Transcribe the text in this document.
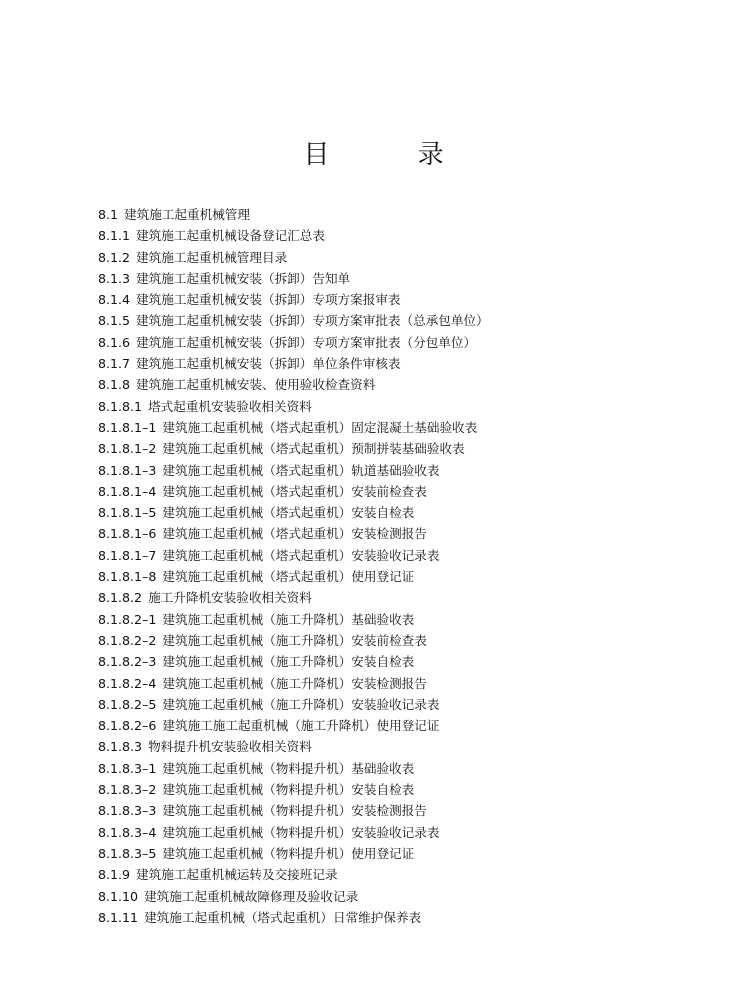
目 录
8.1 建筑施工起重机械管理
8.1.1 建筑施工起重机械设备登记汇总表
8.1.2 建筑施工起重机械管理目录
8.1.3 建筑施工起重机械安装（拆卸）告知单
8.1.4 建筑施工起重机械安装（拆卸）专项方案报审表
8.1.5 建筑施工起重机械安装（拆卸）专项方案审批表（总承包单位）
8.1.6 建筑施工起重机械安装（拆卸）专项方案审批表（分包单位）
8.1.7 建筑施工起重机械安装（拆卸）单位条件审核表
8.1.8 建筑施工起重机械安装、使用验收检查资料
8.1.8.1 塔式起重机安装验收相关资料
8.1.8.1–1 建筑施工起重机械（塔式起重机）固定混凝土基础验收表
8.1.8.1–2 建筑施工起重机械（塔式起重机）预制拼装基础验收表
8.1.8.1–3 建筑施工起重机械（塔式起重机）轨道基础验收表
8.1.8.1–4 建筑施工起重机械（塔式起重机）安装前检查表
8.1.8.1–5 建筑施工起重机械（塔式起重机）安装自检表
8.1.8.1–6 建筑施工起重机械（塔式起重机）安装检测报告
8.1.8.1–7 建筑施工起重机械（塔式起重机）安装验收记录表
8.1.8.1–8 建筑施工起重机械（塔式起重机）使用登记证
8.1.8.2 施工升降机安装验收相关资料
8.1.8.2–1 建筑施工起重机械（施工升降机）基础验收表
8.1.8.2–2 建筑施工起重机械（施工升降机）安装前检查表
8.1.8.2–3 建筑施工起重机械（施工升降机）安装自检表
8.1.8.2–4 建筑施工起重机械（施工升降机）安装检测报告
8.1.8.2–5 建筑施工起重机械（施工升降机）安装验收记录表
8.1.8.2–6 建筑施工施工起重机械（施工升降机）使用登记证
8.1.8.3 物料提升机安装验收相关资料
8.1.8.3–1 建筑施工起重机械（物料提升机）基础验收表
8.1.8.3–2 建筑施工起重机械（物料提升机）安装自检表
8.1.8.3–3 建筑施工起重机械（物料提升机）安装检测报告
8.1.8.3–4 建筑施工起重机械（物料提升机）安装验收记录表
8.1.8.3–5 建筑施工起重机械（物料提升机）使用登记证
8.1.9 建筑施工起重机械运转及交接班记录
8.1.10 建筑施工起重机械故障修理及验收记录
8.1.11 建筑施工起重机械（塔式起重机）日常维护保养表
